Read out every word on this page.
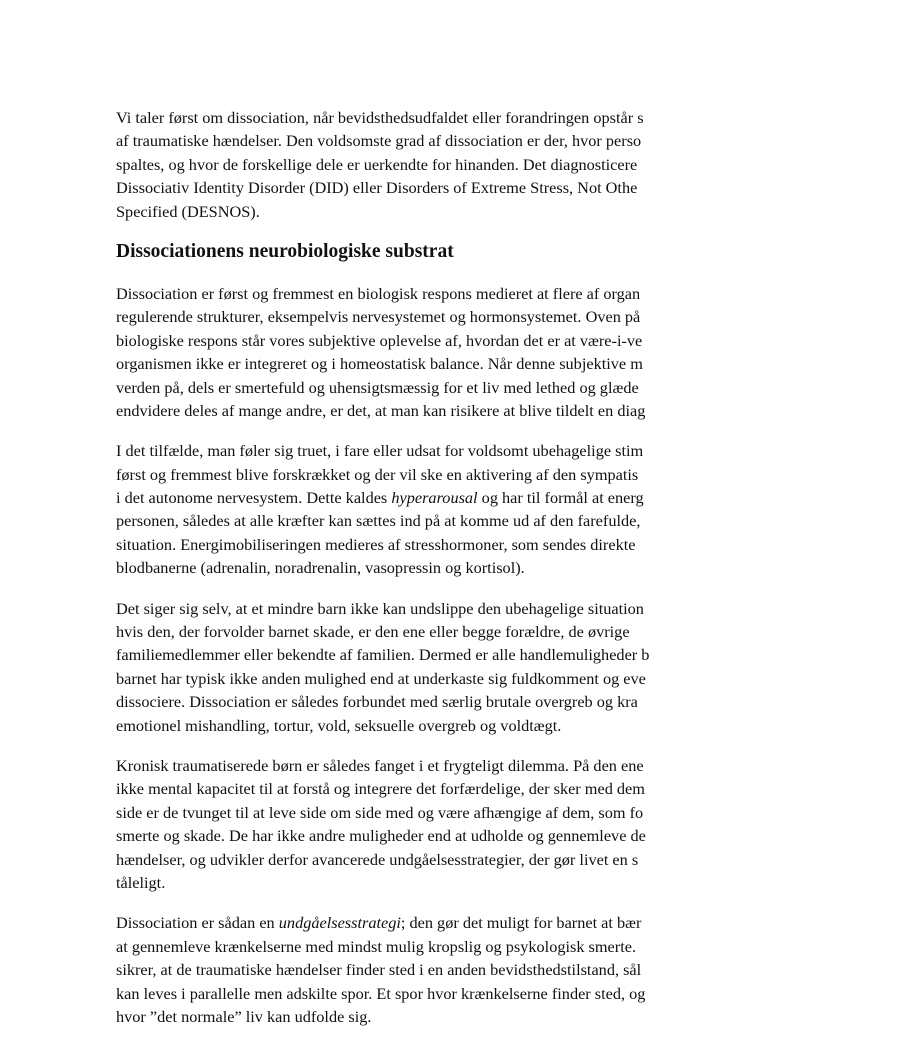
Vi taler først om dissociation, når bevidsthedsudfaldet eller forandringen opstår s
af traumatiske hændelser. Den voldsomste grad af dissociation er der, hvor perso
spaltes, og hvor de forskellige dele er uerkendte for hinanden. Det diagnosticere
Dissociativ Identity Disorder (DID) eller Disorders of Extreme Stress, Not Othe
Specified (DESNOS).
Dissociationens neurobiologiske substrat
Dissociation er først og fremmest en biologisk respons medieret at flere af organ
regulerende strukturer, eksempelvis nervesystemet og hormonsystemet. Oven på
biologiske respons står vores subjektive oplevelse af, hvordan det er at være-i-ve
organismen ikke er integreret og i homeostatisk balance. Når denne subjektive m
verden på, dels er smertefuld og uhensigtsmæssig for et liv med lethed og glæde
endvidere deles af mange andre, er det, at man kan risikere at blive tildelt en diag
I det tilfælde, man føler sig truet, i fare eller udsat for voldsomt ubehagelige stim
først og fremmest blive forskrækket og der vil ske en aktivering af den sympatis
i det autonome nervesystem. Dette kaldes hyperarousal og har til formål at energ
personen, således at alle kræfter kan sættes ind på at komme ud af den farefulde,
situation. Energimobiliseringen medieres af stresshormoner, som sendes direkte
blodbanerne (adrenalin, noradrenalin, vasopressin og kortisol).
Det siger sig selv, at et mindre barn ikke kan undslippe den ubehagelige situation
hvis den, der forvolder barnet skade, er den ene eller begge forældre, de øvrige
familiemedlemmer eller bekendte af familien. Dermed er alle handlemuligheder b
barnet har typisk ikke anden mulighed end at underkaste sig fuldkomment og eve
dissociere. Dissociation er således forbundet med særlig brutale overgreb og kra
emotionel mishandling, tortur, vold, seksuelle overgreb og voldtægt.
Kronisk traumatiserede børn er således fanget i et frygteligt dilemma. På den ene
ikke mental kapacitet til at forstå og integrere det forfærdelige, der sker med dem
side er de tvunget til at leve side om side med og være afhængige af dem, som fo
smerte og skade. De har ikke andre muligheder end at udholde og gennemleve de
hændelser, og udvikler derfor avancerede undgåelsesstrategier, der gør livet en s
tåleligt.
Dissociation er sådan en undgåelsesstrategi; den gør det muligt for barnet at bær
at gennemleve krænkelserne med mindst mulig kropslig og psykologisk smerte.
sikrer, at de traumatiske hændelser finder sted i en anden bevidsthedstilstand, sål
kan leves i parallelle men adskilte spor. Et spor hvor krænkelserne finder sted, og
hvor ”det normale” liv kan udfolde sig.
